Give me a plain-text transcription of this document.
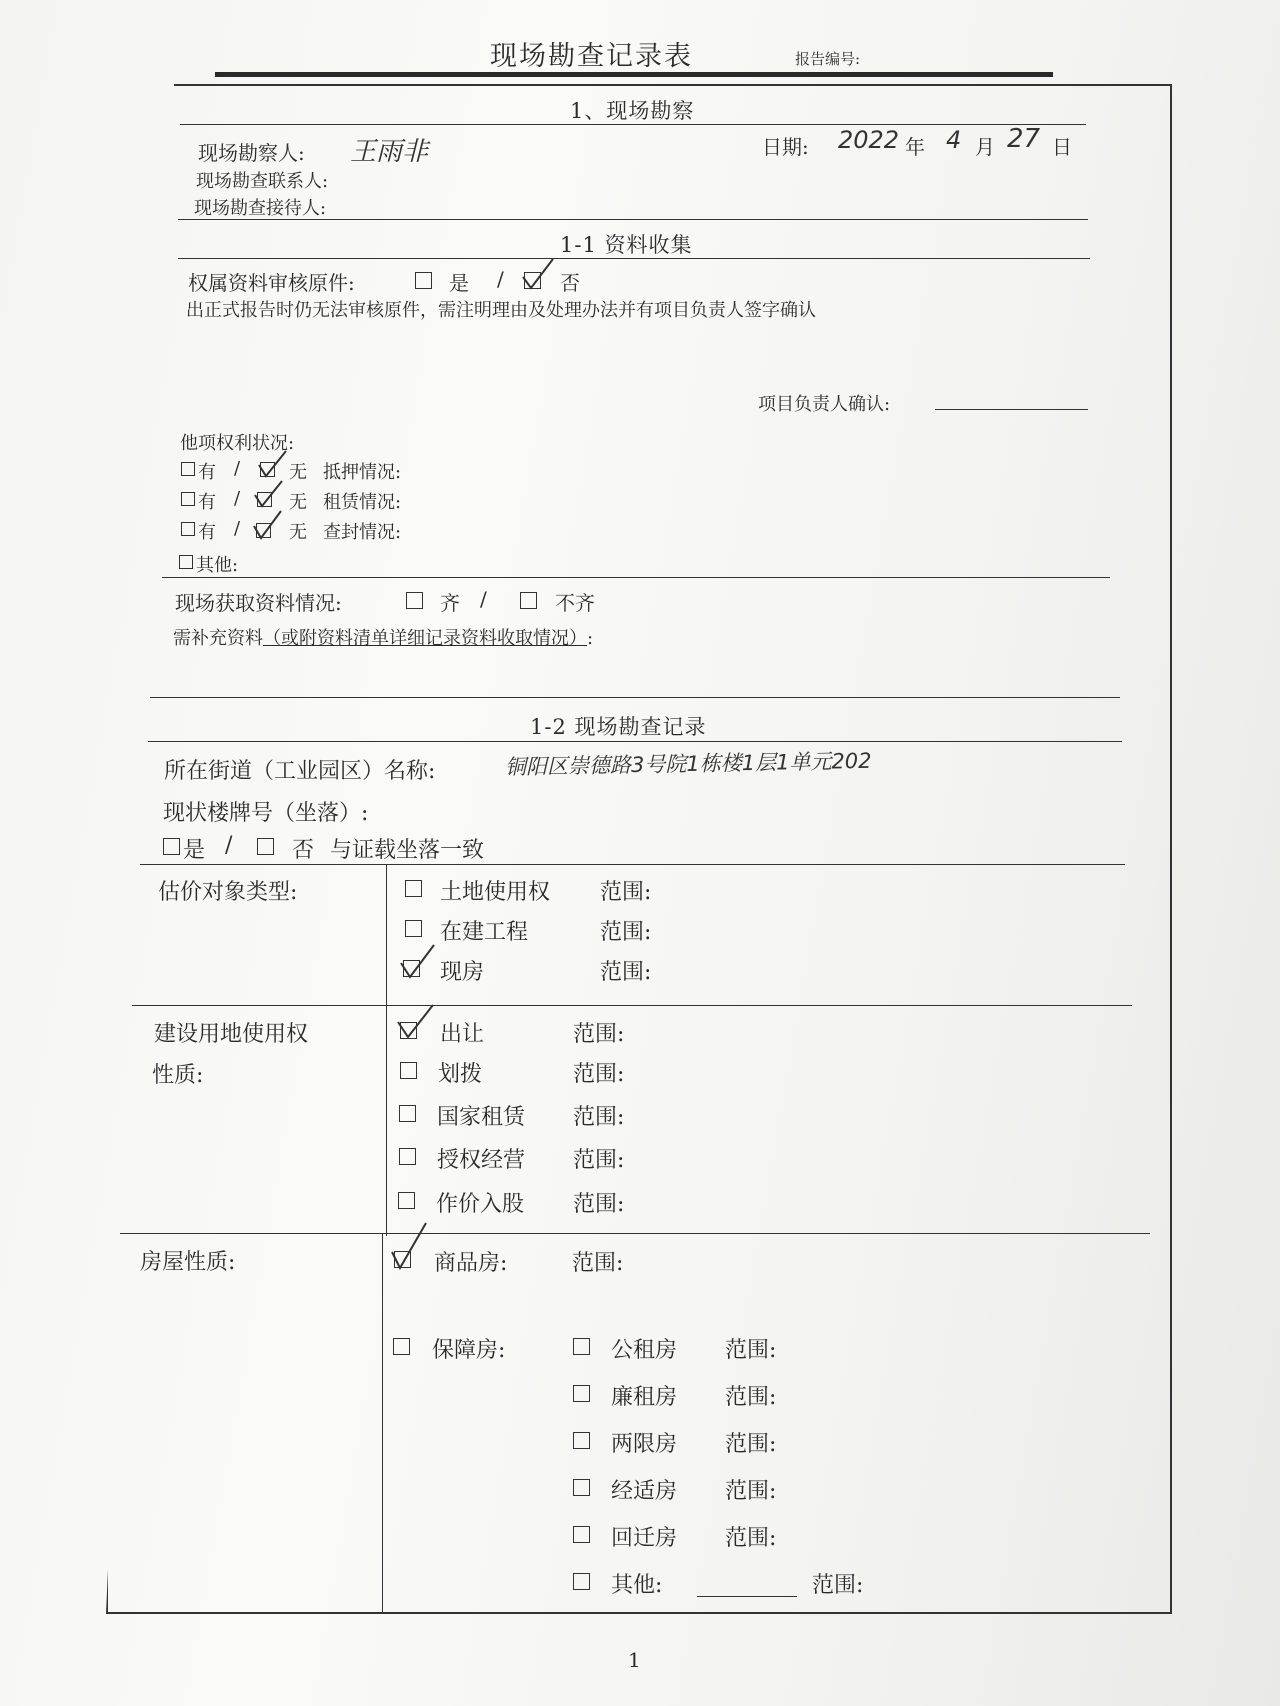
现场勘查记录表	报告编号:
1、现场勘察
现场勘察人: 王雨非	日期: 2022 年 4 月 27 日
现场勘查联系人:
现场勘查接待人:
1-1 资料收集
权属资料审核原件:	是 /	否
出正式报告时仍无法审核原件，需注明理由及处理办法并有项目负责人签字确认
项目负责人确认:
他项权利状况:
有 /	无 抵押情况:
有 /	无 租赁情况:
有 /	无 查封情况:
其他:
现场获取资料情况:	齐 /	不齐
需补充资料（或附资料清单详细记录资料收取情况）:
1-2 现场勘查记录
所在街道（工业园区）名称:	铜阳区崇德路3号院1栋楼1层1单元202
现状楼牌号（坐落）:
是 /	否 与证载坐落一致
估价对象类型:	土地使用权 范围:
在建工程	范围:
现房	范围:
建设用地使用权
性质:
出让	范围:
划拨	范围:
国家租赁 范围:
授权经营 范围:
作价入股 范围:
房屋性质:	商品房:	范围:
保障房:	公租房 范围:
廉租房 范围:
两限房 范围:
经适房 范围:
回迁房 范围:
其他:	范围:
1
